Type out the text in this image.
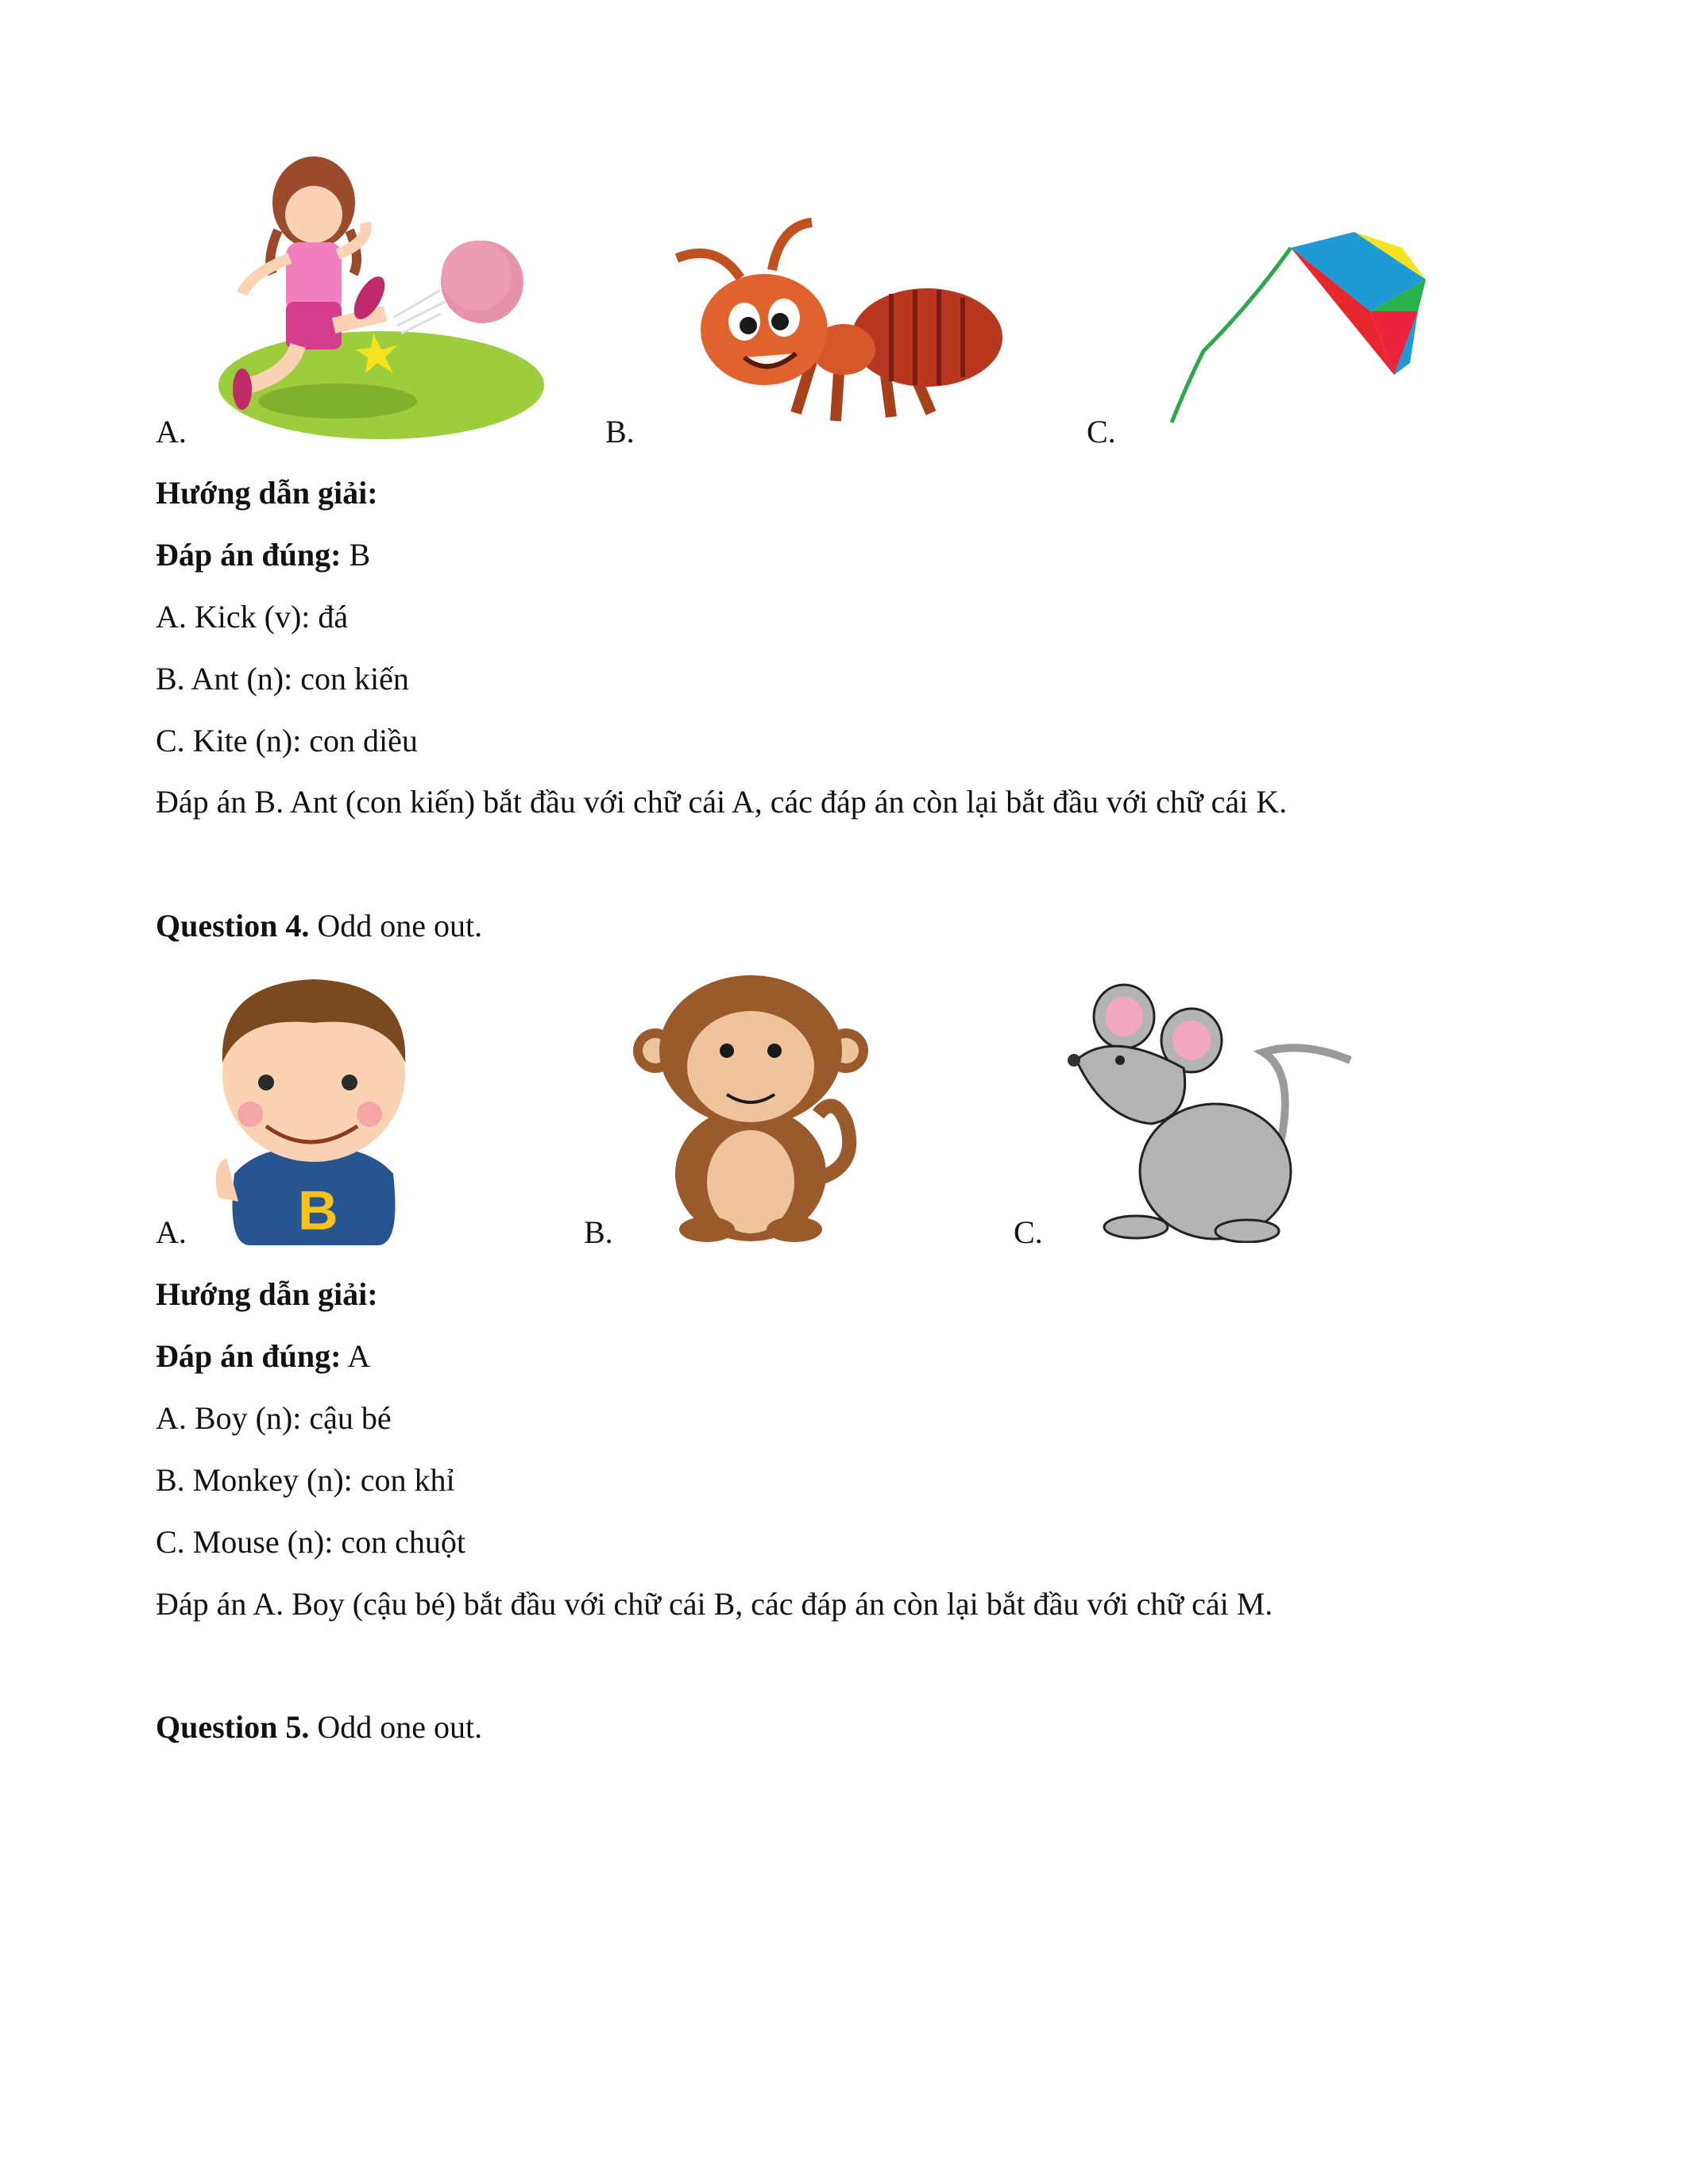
A.	B.	C.
Hướng dẫn giải:
Đáp án đúng: B
A. Kick (v): đá
B. Ant (n): con kiến
C. Kite (n): con diều
Đáp án B. Ant (con kiến) bắt đầu với chữ cái A, các đáp án còn lại bắt đầu với chữ cái K.
Question 4. Odd one out.
B
A.	B.	C.
Hướng dẫn giải:
Đáp án đúng: A
A. Boy (n): cậu bé
B. Monkey (n): con khỉ
C. Mouse (n): con chuột
Đáp án A. Boy (cậu bé) bắt đầu với chữ cái B, các đáp án còn lại bắt đầu với chữ cái M.
Question 5. Odd one out.
